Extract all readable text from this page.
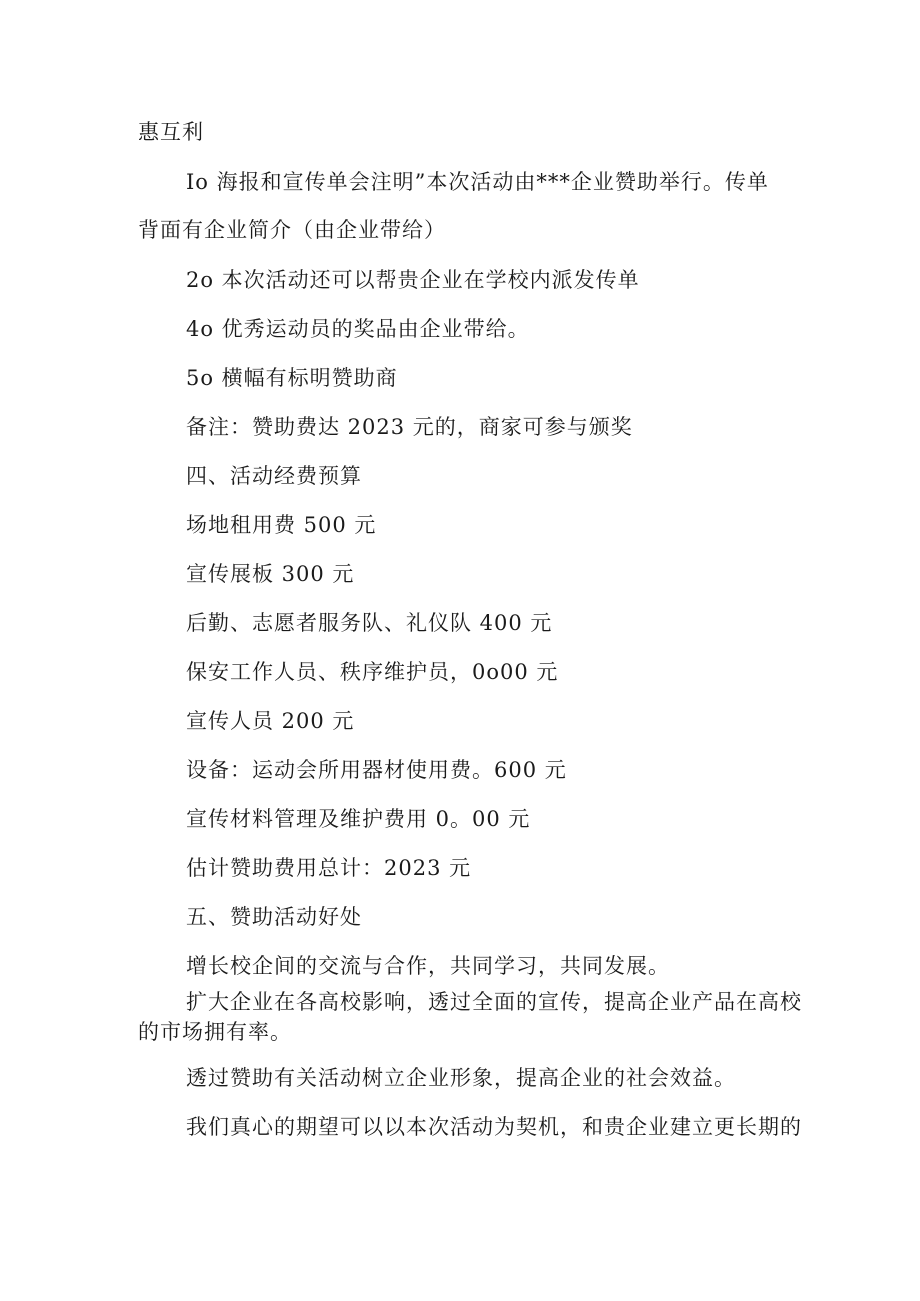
惠互利
Io 海报和宣传单会注明”本次活动由***企业赞助举行。传单
背面有企业简介（由企业带给）
2o 本次活动还可以帮贵企业在学校内派发传单
4o 优秀运动员的奖品由企业带给。
5o 横幅有标明赞助商
备注：赞助费达 2023 元的，商家可参与颁奖
四、活动经费预算
场地租用费 500 元
宣传展板 300 元
后勤、志愿者服务队、礼仪队 400 元
保安工作人员、秩序维护员，0o00 元
宣传人员 200 元
设备：运动会所用器材使用费。600 元
宣传材料管理及维护费用 0。00 元
估计赞助费用总计：2023 元
五、赞助活动好处
增长校企间的交流与合作，共同学习，共同发展。
扩大企业在各高校影响，透过全面的宣传，提高企业产品在高校
的市场拥有率。
透过赞助有关活动树立企业形象，提高企业的社会效益。
我们真心的期望可以以本次活动为契机，和贵企业建立更长期的
